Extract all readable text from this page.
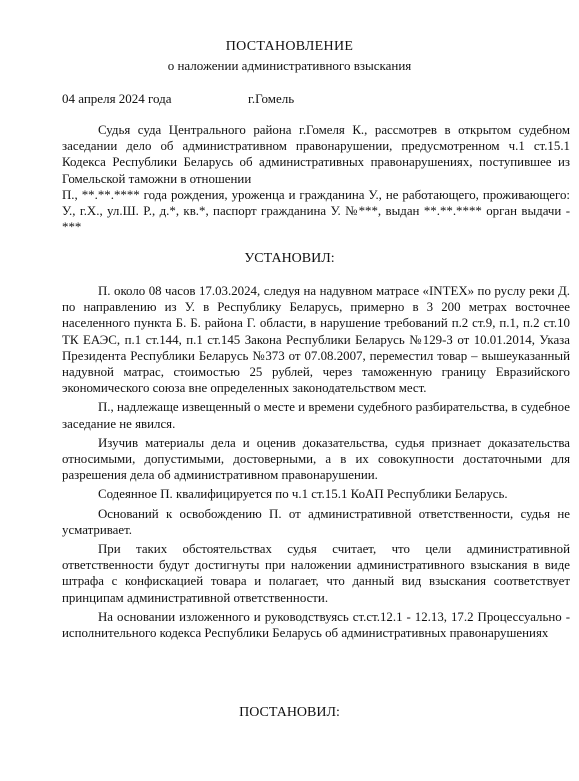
ПОСТАНОВЛЕНИЕ
о наложении административного взыскания
04 апреля 2024 года	г.Гомель

Судья суда Центрального района г.Гомеля К., рассмотрев в открытом судебном заседании дело об административном правонарушении, предусмотренном ч.1 ст.15.1 Кодекса Республики Беларусь об административных правонарушениях, поступившее из Гомельской таможни в отношении

П., **.**.**** года рождения, уроженца и гражданина У., не работающего, проживающего: У., г.Х., ул.Ш. Р., д.*, кв.*, паспорт гражданина У. №***, выдан **.**.**** орган выдачи - ***

УСТАНОВИЛ:

П. около 08 часов 17.03.2024, следуя на надувном матрасе «INTEX» по руслу реки Д. по направлению из У. в Республику Беларусь, примерно в 3 200 метрах восточнее населенного пункта Б. Б. района Г. области, в нарушение требований п.2 ст.9, п.1, п.2 ст.10 ТК ЕАЭС, п.1 ст.144, п.1 ст.145 Закона Республики Беларусь №129-З от 10.01.2014, Указа Президента Республики Беларусь №373 от 07.08.2007, переместил товар – вышеуказанный надувной матрас, стоимостью 25 рублей, через таможенную границу Евразийского экономического союза вне определенных законодательством мест.

П., надлежаще извещенный о месте и времени судебного разбирательства, в судебное заседание не явился.

Изучив материалы дела и оценив доказательства, судья признает доказательства относимыми, допустимыми, достоверными, а в их совокупности достаточными для разрешения дела об административном правонарушении.

Содеянное П. квалифицируется по ч.1 ст.15.1 КоАП Республики Беларусь.

Оснований к освобождению П. от административной ответственности, судья не усматривает.

При таких обстоятельствах судья считает, что цели административной ответственности будут достигнуты при наложении административного взыскания в виде штрафа с конфискацией товара и полагает, что данный вид взыскания соответствует принципам административной ответственности.

На основании изложенного и руководствуясь ст.ст.12.1 - 12.13, 17.2 Процессуально - исполнительного кодекса Республики Беларусь об административных правонарушениях

ПОСТАНОВИЛ:
